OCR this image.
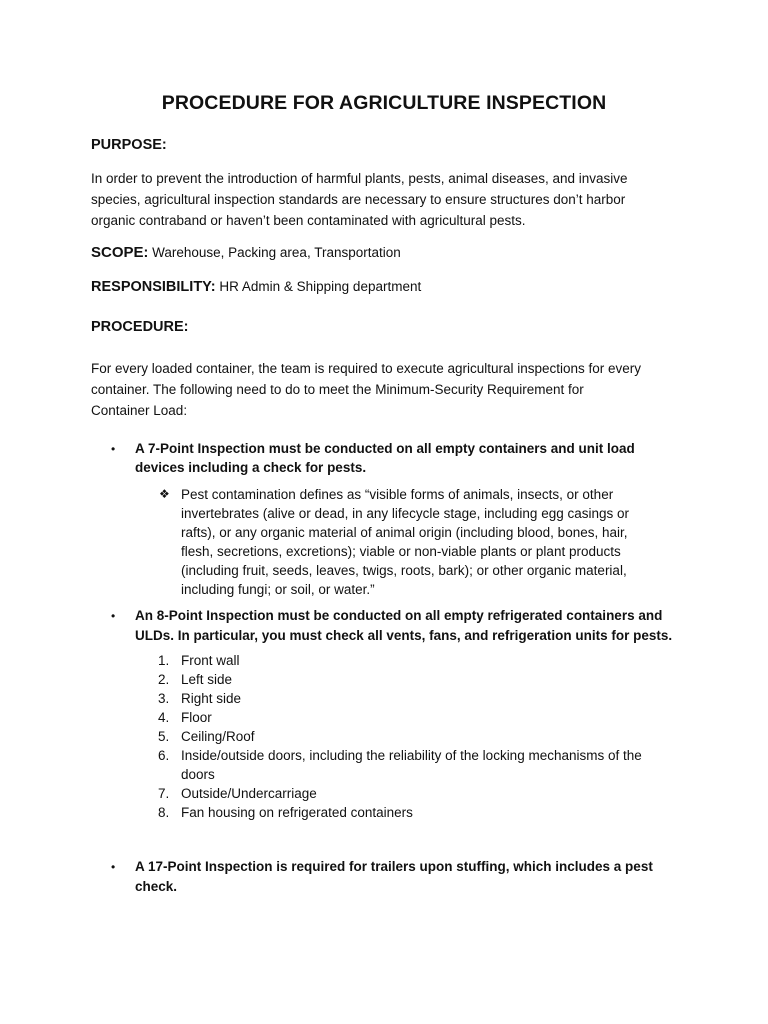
PROCEDURE FOR AGRICULTURE INSPECTION
PURPOSE:
In order to prevent the introduction of harmful plants, pests, animal diseases, and invasive
species, agricultural inspection standards are necessary to ensure structures don’t harbor
organic contraband or haven’t been contaminated with agricultural pests.
SCOPE: Warehouse, Packing area, Transportation
RESPONSIBILITY: HR Admin & Shipping department
PROCEDURE:
For every loaded container, the team is required to execute agricultural inspections for every
container. The following need to do to meet the Minimum-Security Requirement for
Container Load:
• A 7-Point Inspection must be conducted on all empty containers and unit load
devices including a check for pests.
❖ Pest contamination defines as “visible forms of animals, insects, or other
invertebrates (alive or dead, in any lifecycle stage, including egg casings or
rafts), or any organic material of animal origin (including blood, bones, hair,
flesh, secretions, excretions); viable or non-viable plants or plant products
(including fruit, seeds, leaves, twigs, roots, bark); or other organic material,
including fungi; or soil, or water.”
• An 8-Point Inspection must be conducted on all empty refrigerated containers and
ULDs. In particular, you must check all vents, fans, and refrigeration units for pests.
1. Front wall
2. Left side
3. Right side
4. Floor
5. Ceiling/Roof
6. Inside/outside doors, including the reliability of the locking mechanisms of the
doors
7. Outside/Undercarriage
8. Fan housing on refrigerated containers
• A 17-Point Inspection is required for trailers upon stuffing, which includes a pest
check.
